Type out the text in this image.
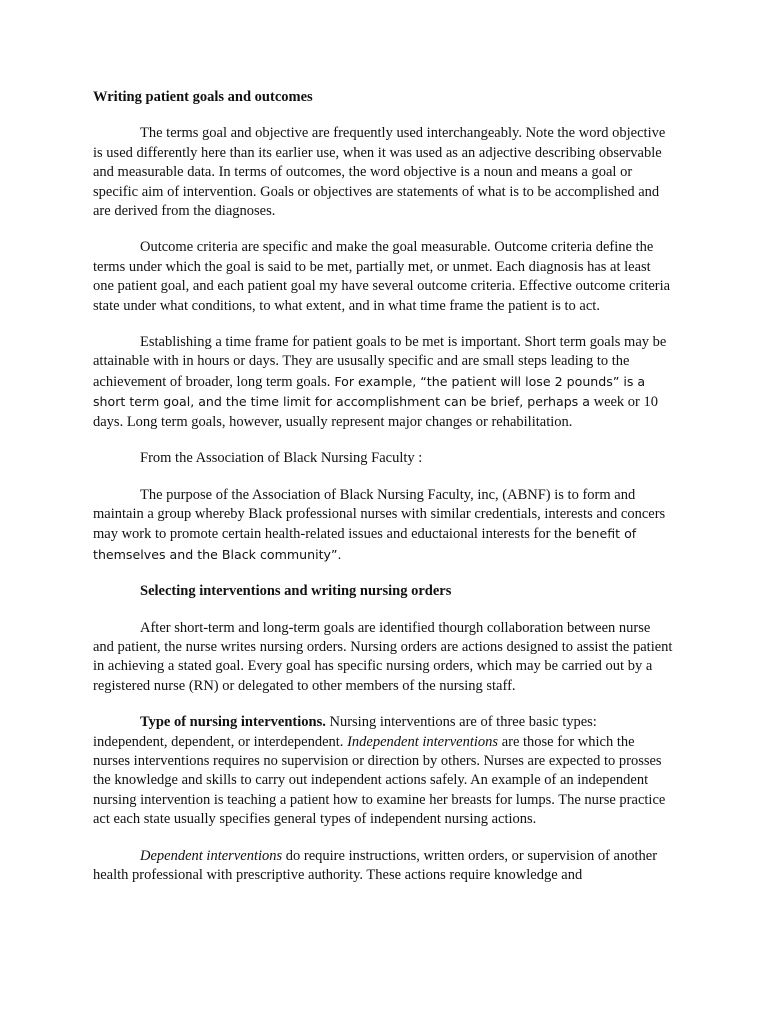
Writing patient goals and outcomes

The terms goal and objective are frequently used interchangeably. Note the word objective is used differently here than its earlier use, when it was used as an adjective describing observable and measurable data. In terms of outcomes, the word objective is a noun and means a goal or specific aim of intervention. Goals or objectives are statements of what is to be accomplished and are derived from the diagnoses.

Outcome criteria are specific and make the goal measurable. Outcome criteria define the terms under which the goal is said to be met, partially met, or unmet. Each diagnosis has at least one patient goal, and each patient goal my have several outcome criteria. Effective outcome criteria state under what conditions, to what extent, and in what time frame the patient is to act.

Establishing a time frame for patient goals to be met is important. Short term goals may be attainable with in hours or days. They are ususally specific and are small steps leading to the achievement of broader, long term goals. For example, “the patient will lose 2 pounds” is a short term goal, and the time limit for accomplishment can be brief, perhaps a week or 10 days. Long term goals, however, usually represent major changes or rehabilitation.

From the Association of Black Nursing Faculty :

The purpose of the Association of Black Nursing Faculty, inc, (ABNF) is to form and maintain a group whereby Black professional nurses with similar credentials, interests and concers may work to promote certain health-related issues and eductaional interests for the benefit of themselves and the Black community”.

Selecting interventions and writing nursing orders

After short-term and long-term goals are identified thourgh collaboration between nurse and patient, the nurse writes nursing orders. Nursing orders are actions designed to assist the patient in achieving a stated goal. Every goal has specific nursing orders, which may be carried out by a registered nurse (RN) or delegated to other members of the nursing staff.

Type of nursing interventions. Nursing interventions are of three basic types: independent, dependent, or interdependent. Independent interventions are those for which the nurses interventions requires no supervision or direction by others. Nurses are expected to prosses the knowledge and skills to carry out independent actions safely. An example of an independent nursing intervention is teaching a patient how to examine her breasts for lumps. The nurse practice act each state usually specifies general types of independent nursing actions.

Dependent interventions do require instructions, written orders, or supervision of another health professional with prescriptive authority. These actions require knowledge and
